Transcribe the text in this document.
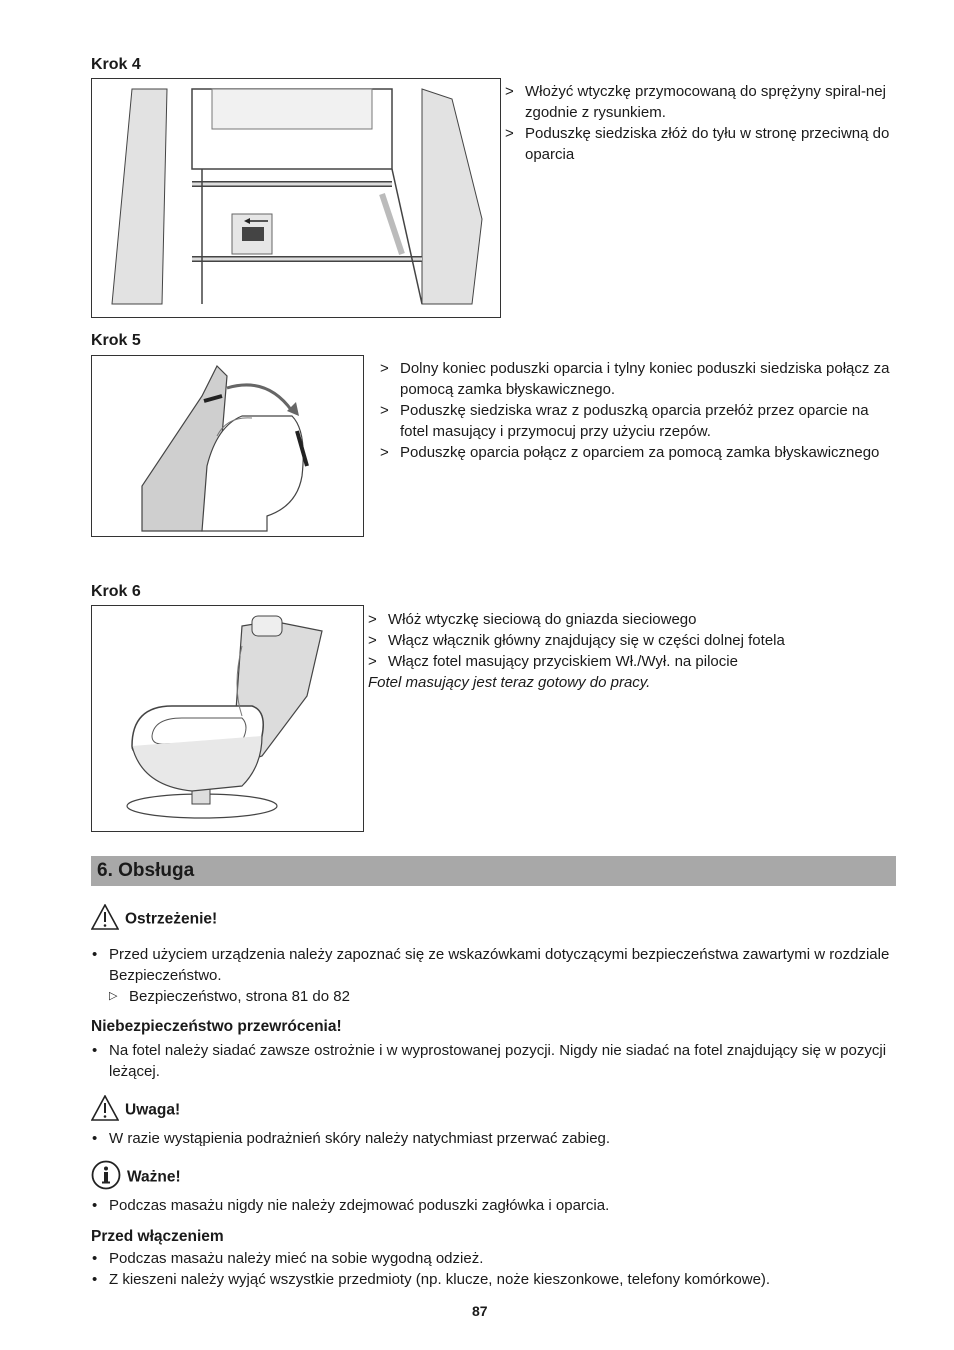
Krok 4
> Włożyć wtyczkę przymocowaną do sprężyny spiral-nej zgodnie z rysunkiem.
> Poduszkę siedziska złóż do tyłu w stronę przeciwną do oparcia
Krok 5
> Dolny koniec poduszki oparcia i tylny koniec poduszki siedziska połącz za pomocą zamka błyskawicznego.
> Poduszkę siedziska wraz z poduszką oparcia przełóż przez oparcie na fotel masujący i przymocuj przy użyciu rzepów.
> Poduszkę oparcia połącz z oparciem za pomocą zamka błyskawicznego
Krok 6
> Włóż wtyczkę sieciową do gniazda sieciowego
> Włącz włącznik główny znajdujący się w części dolnej fotela
> Włącz fotel masujący przyciskiem Wł./Wył. na pilocie
Fotel masujący jest teraz gotowy do pracy.
6. Obsługa
Ostrzeżenie!
• Przed użyciem urządzenia należy zapoznać się ze wskazówkami dotyczącymi bezpieczeństwa zawartymi w rozdziale Bezpieczeństwo.
▷ Bezpieczeństwo, strona 81 do 82
Niebezpieczeństwo przewrócenia!
• Na fotel należy siadać zawsze ostrożnie i w wyprostowanej pozycji. Nigdy nie siadać na fotel znajdujący się w pozycji leżącej.
Uwaga!
• W razie wystąpienia podrażnień skóry należy natychmiast przerwać zabieg.
Ważne!
• Podczas masażu nigdy nie należy zdejmować poduszki zagłówka i oparcia.
Przed włączeniem
• Podczas masażu należy mieć na sobie wygodną odzież.
• Z kieszeni należy wyjąć wszystkie przedmioty (np. klucze, noże kieszonkowe, telefony komórkowe).
87
